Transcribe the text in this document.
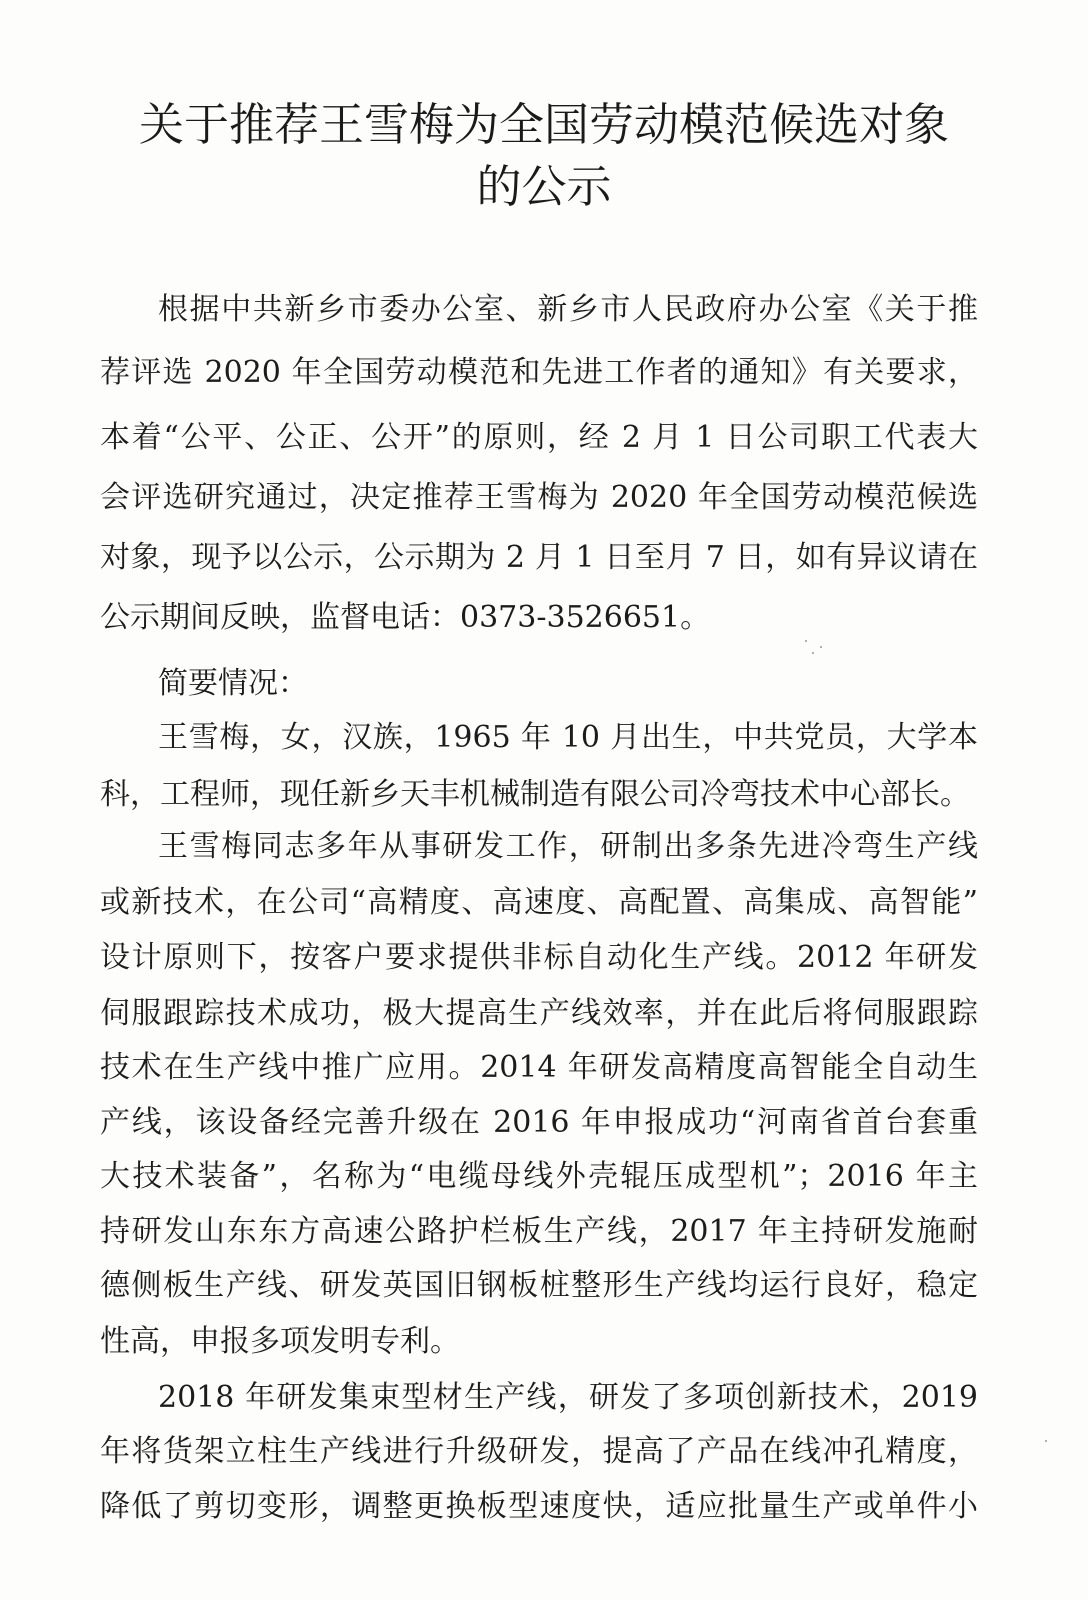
关于推荐王雪梅为全国劳动模范候选对象
的公示
根据中共新乡市委办公室、新乡市人民政府办公室《关于推
荐评选 2020 年全国劳动模范和先进工作者的通知》有关要求，
本着“公平、公正、公开”的原则，经 2 月 1 日公司职工代表大
会评选研究通过，决定推荐王雪梅为 2020 年全国劳动模范候选
对象，现予以公示，公示期为 2 月 1 日至月 7 日，如有异议请在
公示期间反映，监督电话：0373-3526651。
简要情况：
王雪梅，女，汉族，1965 年 10 月出生，中共党员，大学本
科，工程师，现任新乡天丰机械制造有限公司冷弯技术中心部长。
王雪梅同志多年从事研发工作，研制出多条先进冷弯生产线
或新技术，在公司“高精度、高速度、高配置、高集成、高智能”
设计原则下，按客户要求提供非标自动化生产线。2012 年研发
伺服跟踪技术成功，极大提高生产线效率，并在此后将伺服跟踪
技术在生产线中推广应用。2014 年研发高精度高智能全自动生
产线，该设备经完善升级在 2016 年申报成功“河南省首台套重
大技术装备”，名称为“电缆母线外壳辊压成型机”；2016 年主
持研发山东东方高速公路护栏板生产线，2017 年主持研发施耐
德侧板生产线、研发英国旧钢板桩整形生产线均运行良好，稳定
性高，申报多项发明专利。
2018 年研发集束型材生产线，研发了多项创新技术，2019
年将货架立柱生产线进行升级研发，提高了产品在线冲孔精度，
降低了剪切变形，调整更换板型速度快，适应批量生产或单件小
